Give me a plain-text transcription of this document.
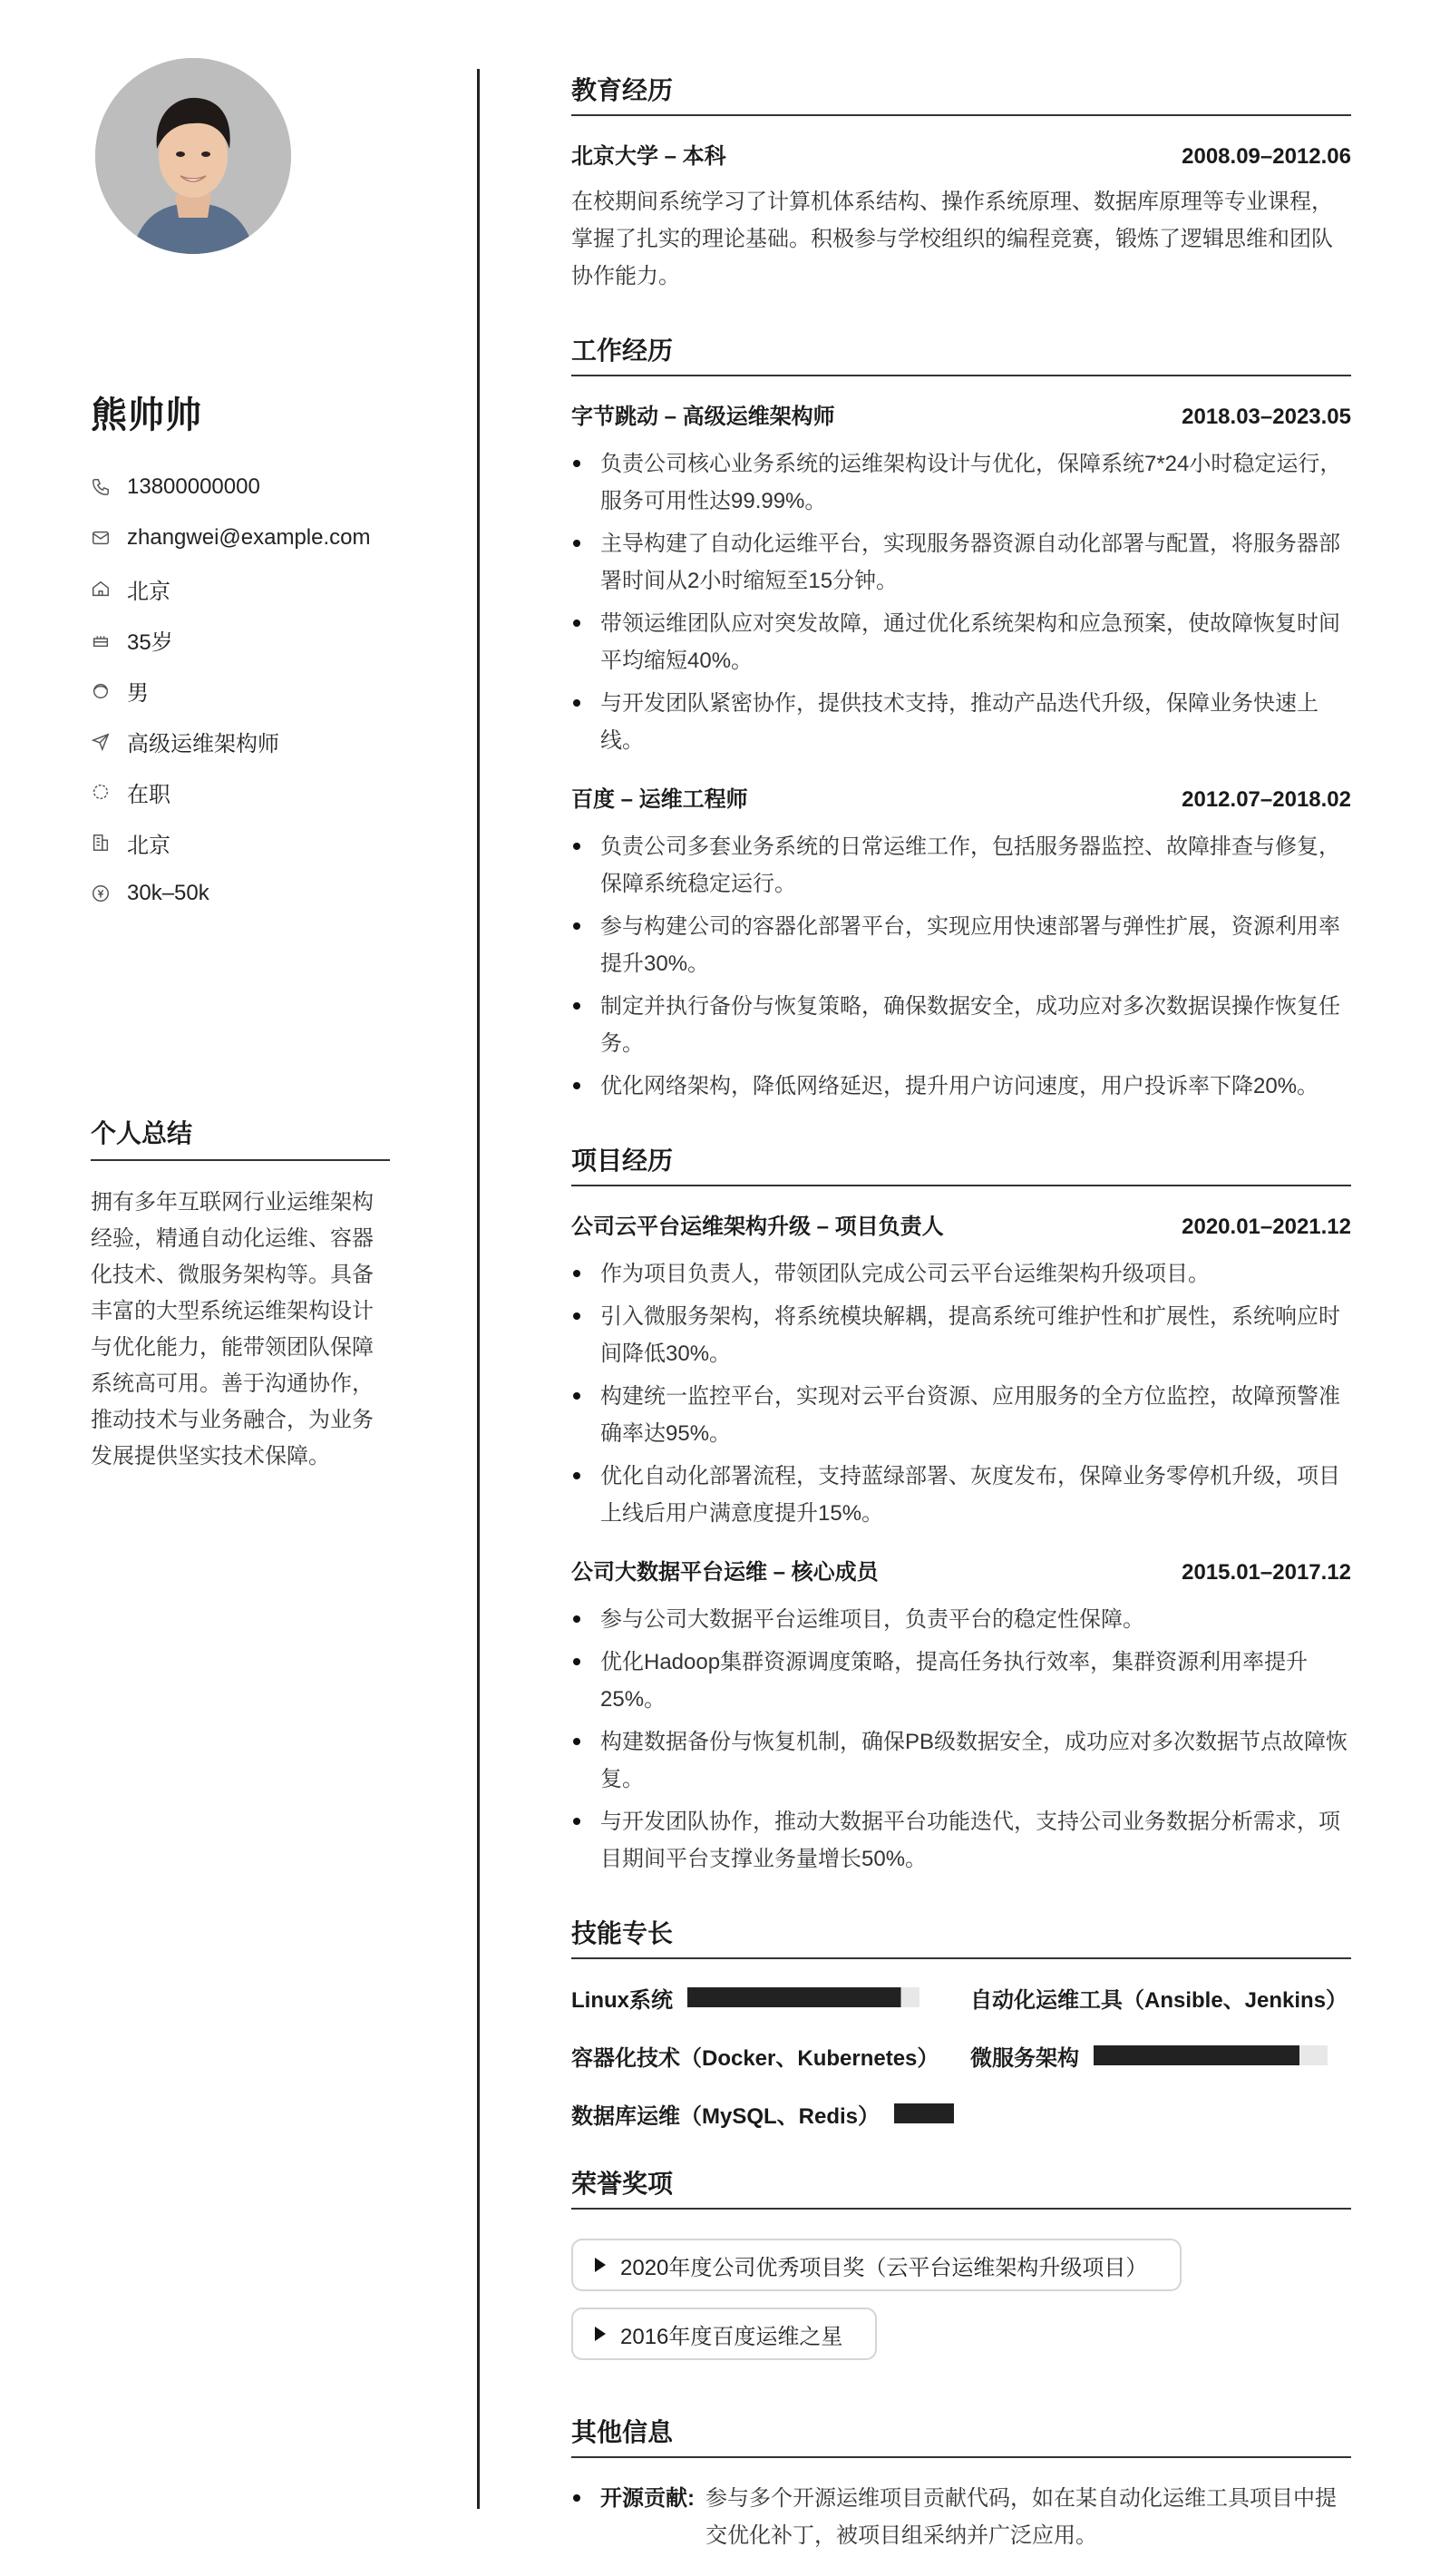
熊帅帅
13800000000
zhangwei@example.com
北京
35岁
男
高级运维架构师
在职
北京
30k–50k
个人总结
拥有多年互联网行业运维架构经验，精通自动化运维、容器化技术、微服务架构等。具备丰富的大型系统运维架构设计与优化能力，能带领团队保障系统高可用。善于沟通协作，推动技术与业务融合，为业务发展提供坚实技术保障。
教育经历
北京大学 – 本科	2008.09–2012.06
在校期间系统学习了计算机体系结构、操作系统原理、数据库原理等专业课程，掌握了扎实的理论基础。积极参与学校组织的编程竞赛，锻炼了逻辑思维和团队协作能力。
工作经历
字节跳动 – 高级运维架构师	2018.03–2023.05
负责公司核心业务系统的运维架构设计与优化，保障系统7*24小时稳定运行，服务可用性达99.99%。
主导构建了自动化运维平台，实现服务器资源自动化部署与配置，将服务器部署时间从2小时缩短至15分钟。
带领运维团队应对突发故障，通过优化系统架构和应急预案，使故障恢复时间平均缩短40%。
与开发团队紧密协作，提供技术支持，推动产品迭代升级，保障业务快速上线。
百度 – 运维工程师	2012.07–2018.02
负责公司多套业务系统的日常运维工作，包括服务器监控、故障排查与修复，保障系统稳定运行。
参与构建公司的容器化部署平台，实现应用快速部署与弹性扩展，资源利用率提升30%。
制定并执行备份与恢复策略，确保数据安全，成功应对多次数据误操作恢复任务。
优化网络架构，降低网络延迟，提升用户访问速度，用户投诉率下降20%。
项目经历
公司云平台运维架构升级 – 项目负责人	2020.01–2021.12
作为项目负责人，带领团队完成公司云平台运维架构升级项目。
引入微服务架构，将系统模块解耦，提高系统可维护性和扩展性，系统响应时间降低30%。
构建统一监控平台，实现对云平台资源、应用服务的全方位监控，故障预警准确率达95%。
优化自动化部署流程，支持蓝绿部署、灰度发布，保障业务零停机升级，项目上线后用户满意度提升15%。
公司大数据平台运维 – 核心成员	2015.01–2017.12
参与公司大数据平台运维项目，负责平台的稳定性保障。
优化Hadoop集群资源调度策略，提高任务执行效率，集群资源利用率提升25%。
构建数据备份与恢复机制，确保PB级数据安全，成功应对多次数据节点故障恢复。
与开发团队协作，推动大数据平台功能迭代，支持公司业务数据分析需求，项目期间平台支撑业务量增长50%。
技能专长
Linux系统	自动化运维工具（Ansible、Jenkins）
容器化技术（Docker、Kubernetes） 微服务架构
数据库运维（MySQL、Redis）
荣誉奖项
2020年度公司优秀项目奖（云平台运维架构升级项目）
2016年度百度运维之星
其他信息
开源贡献: 参与多个开源运维项目贡献代码，如在某自动化运维工具项目中提交优化补丁，被项目组采纳并广泛应用。
